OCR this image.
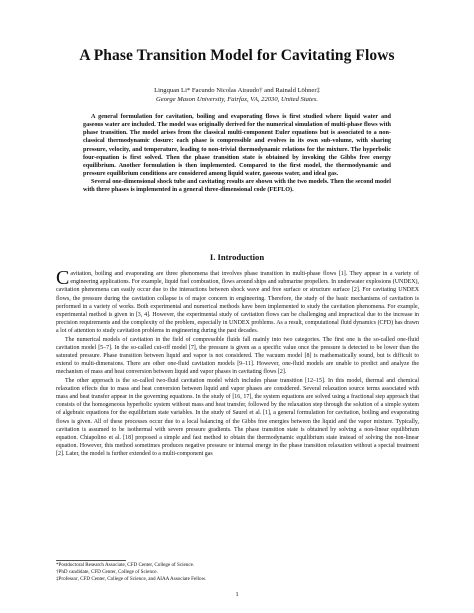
A Phase Transition Model for Cavitating Flows
Lingquan Li* Facundo Nicolas Airaudo† and Rainald Löhner‡
George Mason University, Fairfax, VA, 22030, United States.

A general formulation for cavitation, boiling and evaporating flows is first studied where liquid water and gaseous water are included. The model was originally derived for the numerical simulation of multi-phase flows with phase transition. The model arises from the classical multi-component Euler equations but is associated to a non-classical thermodynamic closure: each phase is compressible and evolves in its own sub-volume, with sharing pressure, velocity, and temperature, leading to non-trivial thermodynamic relations for the mixture. The hyperbolic four-equation is first solved. Then the phase transition state is obtained by invoking the Gibbs free energy equilibrium. Another formulation is then implemented. Compared to the first model, the thermodynamic and pressure equilibrium conditions are considered among liquid water, gaseous water, and ideal gas.

Several one-dimensional shock tube and cavitating results are shown with the two models. Then the second model with three phases is implemented in a general three-dimensional code (FEFLO).

I. Introduction

Cavitation, boiling and evaporating are three phenomena that involves phase transition in multi-phase flows [1]. They appear in a variety of engineering applications. For example, liquid fuel combustion, flows around ships and submarine propellers. In underwater explosions (UNDEX), cavitation phenomena can easily occur due to the interactions between shock wave and free surface or structure surface [2]. For cavitating UNDEX flows, the pressure during the cavitation collapse is of major concern in engineering. Therefore, the study of the basic mechanisms of cavitation is performed in a variety of works. Both experimental and numerical methods have been implemented to study the cavitation phenomena. For example, experimental method is given in [3, 4]. However, the experimental study of cavitation flows can be challenging and impractical due to the increase in precision requirements and the complexity of the problem, especially in UNDEX problems. As a result, computational fluid dynamics (CFD) has drawn a lot of attention to study cavitation problems in engineering during the past decades.

The numerical models of cavitation in the field of compressible fluids fall mainly into two categories. The first one is the so-called one-fluid cavitation model [5–7]. In the so-called cut-off model [7], the pressure is given as a specific value once the pressure is detected to be lower than the saturated pressure. Phase transition between liquid and vapor is not considered. The vacuum model [8] is mathematically sound, but is difficult to extend to multi-dimensions. There are other one-fluid cavitation models [9–11]. However, one-fluid models are unable to predict and analyze the mechanism of mass and heat conversion between liquid and vapor phases in cavitating flows [2].

The other approach is the so-called two-fluid cavitation model which includes phase transition [12–15]. In this model, thermal and chemical relaxation effects due to mass and heat conversion between liquid and vapor phases are considered. Several relaxation source terms associated with mass and heat transfer appear in the governing equations. In the study of [16, 17], the system equations are solved using a fractional step approach that consists of the homogeneous hyperbolic system without mass and heat transfer, followed by the relaxation step through the solution of a simple system of algebraic equations for the equilibrium state variables. In the study of Saurel et al. [1], a general formulation for cavitation, boiling and evaporating flows is given. All of these processes occur due to a local balancing of the Gibbs free energies between the liquid and the vapor mixture. Typically, cavitation is assumed to be isothermal with severe pressure gradients. The phase transition state is obtained by solving a non-linear equilibrium equation. Chiapolino et al. [18] proposed a simple and fast method to obtain the thermodynamic equilibrium state instead of solving the non-linear equation. However, this method sometimes produces negative pressure or internal energy in the phase transition relaxation without a special treatment [2]. Later, the model is further extended to a multi-component gas

*Postdoctoral Research Associate, CFD Center, College of Science.
†PhD candidate, CFD Center, College of Science.
‡Professor, CFD Center, College of Science, and AIAA Associate Fellow.
1
